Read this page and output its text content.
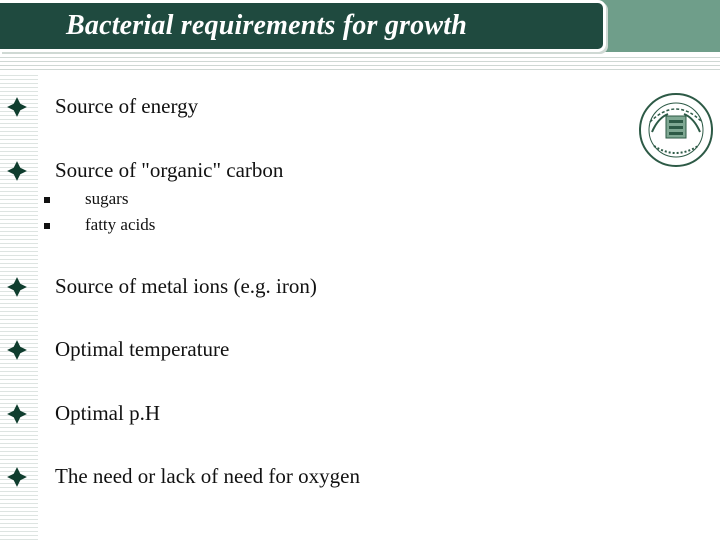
Bacterial requirements for growth
Source of energy
Source of "organic" carbon
sugars
fatty acids
Source of metal ions (e.g. iron)
Optimal temperature
Optimal p.H
The need or lack of need for oxygen
